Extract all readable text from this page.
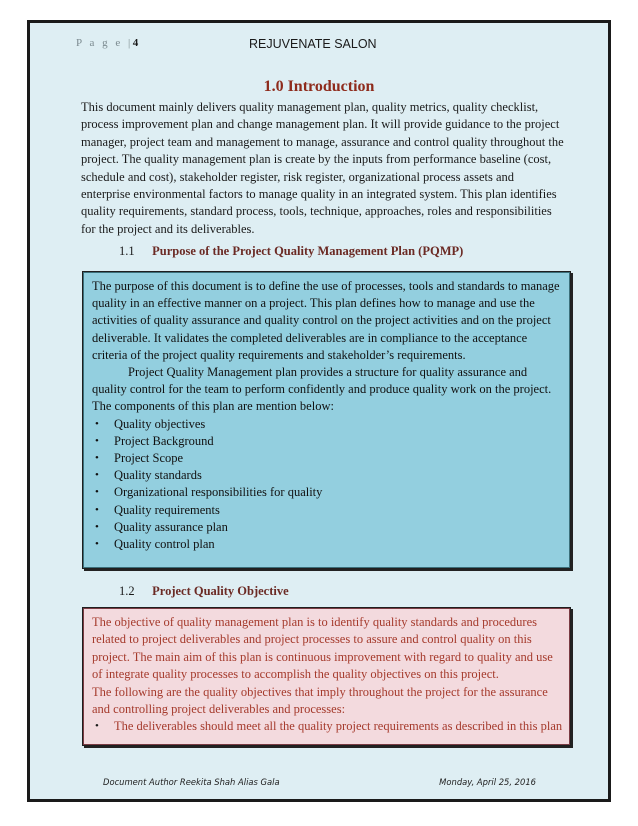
P a g e |4	REJUVENATE SALON
1.0 Introduction

This document mainly delivers quality management plan, quality metrics, quality checklist, process improvement plan and change management plan. It will provide guidance to the project manager, project team and management to manage, assurance and control quality throughout the project. The quality management plan is create by the inputs from performance baseline (cost, schedule and cost), stakeholder register, risk register, organizational process assets and enterprise environmental factors to manage quality in an integrated system. This plan identifies quality requirements, standard process, tools, technique, approaches, roles and responsibilities for the project and its deliverables.

1.1 Purpose of the Project Quality Management Plan (PQMP)

The purpose of this document is to define the use of processes, tools and standards to manage quality in an effective manner on a project. This plan defines how to manage and use the activities of quality assurance and quality control on the project activities and on the project deliverable. It validates the completed deliverables are in compliance to the acceptance criteria of the project quality requirements and stakeholder’s requirements.

Project Quality Management plan provides a structure for quality assurance and quality control for the team to perform confidently and produce quality work on the project.

The components of this plan are mention below:

• Quality objectives
• Project Background
• Project Scope
• Quality standards
• Organizational responsibilities for quality
• Quality requirements
• Quality assurance plan
• Quality control plan
1.2 Project Quality Objective

The objective of quality management plan is to identify quality standards and procedures related to project deliverables and project processes to assure and control quality on this project. The main aim of this plan is continuous improvement with regard to quality and use of integrate quality processes to accomplish the quality objectives on this project.

The following are the quality objectives that imply throughout the project for the assurance and controlling project deliverables and processes:

• The deliverables should meet all the quality project requirements as described in this plan
Document Author Reekita Shah Alias Gala	Monday, April 25, 2016
